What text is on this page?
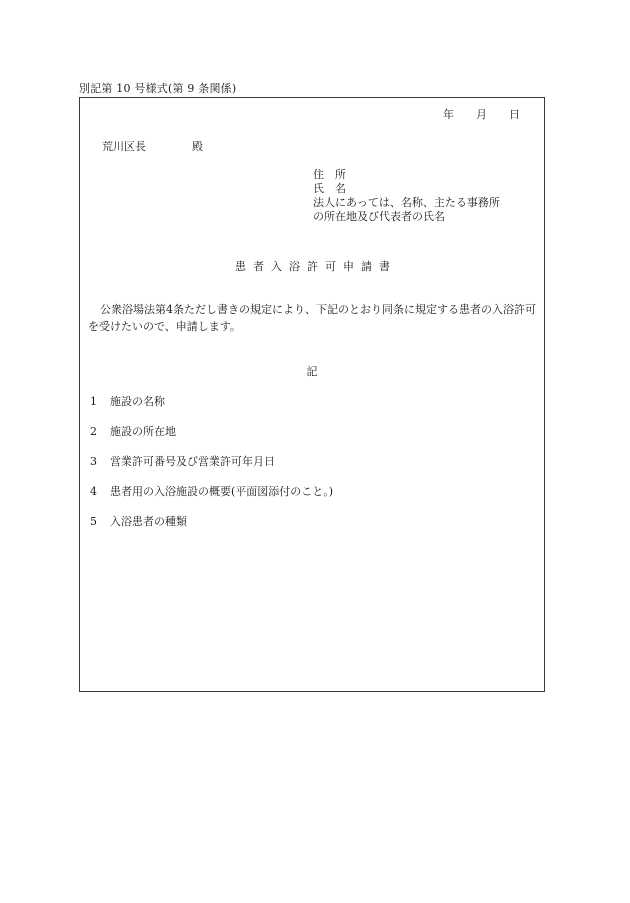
別記第 10 号様式(第 9 条関係)
年 月 日
荒川区長	殿
住　所
氏　名
法人にあっては、名称、主たる事務所
の所在地及び代表者の氏名
患者入浴許可申請書
公衆浴場法第4条ただし書きの規定により、下記のとおり同条に規定する患者の入浴許可を受けたいので、申請します。
記
1 施設の名称
2 施設の所在地
3 営業許可番号及び営業許可年月日
4 患者用の入浴施設の概要(平面図添付のこと。)
5 入浴患者の種類
